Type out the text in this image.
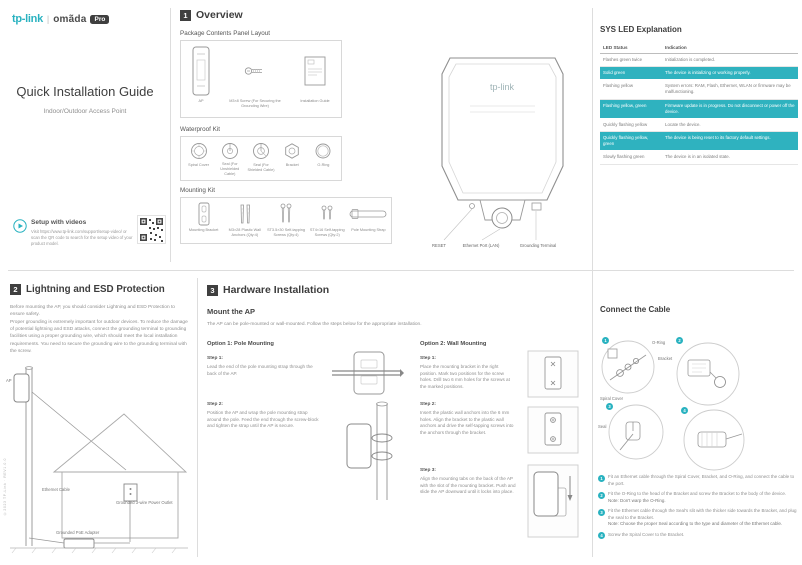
©2023 TP-Link · REV1.0.0
tp-link | omãda	Pro
Quick Installation Guide
Indoor/Outdoor Access Point
Setup with videos
Visit https://www.tp-link.com/support/setup-video/ or scan the QR code to search for the setup video of your product model.
1 Overview
Package Contents Panel Layout
AP	M3×8 Screw (For Securing the Grounding Wire)
Installation Guide
Waterproof Kit
Spiral Cover	Seal (For Unshielded Cable)
Seal (For Shielded Cable)
Bracket	O-Ring
Mounting Kit
Mounting Bracket	M3×28 Plastic Wall Anchors (Qty:4)
ST3.5×30 Self-tapping Screws (Qty:4)
ST4×16 Self-tapping Screws (Qty:2)
Pole Mounting Strap
tp-link
RESET	Ethernet Port (LAN)	Grounding Terminal
SYS LED Explanation
LED Status	Indication
Flashes green twice	Initialization is completed.
Solid green	The device is initializing or working properly.
Flashing yellow	System errors: RAM, Flash, Ethernet, WLAN or firmware may be malfunctioning.
Flashing yellow, green	Firmware update is in progress. Do not disconnect or power off the device.
Quickly flashing yellow	Locate the device.
Quickly flashing yellow, green	The device is being reset to its factory default settings.
Slowly flashing green	The device is in an isolated state.
2 Lightning and ESD Protection
Before mounting the AP, you should consider Lightning and ESD Protection to ensure safety.
Proper grounding is extremely important for outdoor devices. To reduce the damage of potential lightning and ESD attacks, connect the grounding terminal to grounding facilities using a proper grounding wire, which should meet the local installation requirements. You need to secure the grounding wire to the grounding terminal with the screw.
AP
Ethernet Cable
Grounded 3-wire Power Outlet
Grounded PoE Adapter
3 Hardware Installation
Mount the AP
The AP can be pole-mounted or wall-mounted. Follow the steps below for the appropriate installation.
Option 1: Pole Mounting
Step 1:
Lead the end of the pole mounting strap through the back of the AP.
Step 2:
Position the AP and wrap the pole mounting strap around the pole. Feed the end through the screw-block and tighten the strap until the AP is secure.
Option 2: Wall Mounting
Step 1:
Place the mounting bracket in the right position. Mark two positions for the screw holes. Drill two 6 mm holes for the screws at the marked positions.
Step 2:
Insert the plastic wall anchors into the 6 mm holes. Align the bracket to the plastic wall anchors and drive the self-tapping screws into the anchors through the bracket.
Step 3:
Align the mounting tabs on the back of the AP with the slot of the mounting bracket. Push and slide the AP downward until it locks into place.
Connect the Cable
1	2
3
4
O-Ring
Bracket
Spiral Cover
Seal
1	Fit an Ethernet cable through the Spiral Cover, Bracket, and O-Ring, and connect the cable to the port.
2	Fit the O-Ring to the head of the Bracket and screw the Bracket to the body of the device.
Note: Don't warp the O-Ring.
3	Fit the Ethernet cable through the Seal's slit with the thicker side towards the Bracket, and plug the seal to the Bracket.
Note: Choose the proper Seal according to the type and diameter of the Ethernet cable.
4	Screw the Spiral Cover to the Bracket.
